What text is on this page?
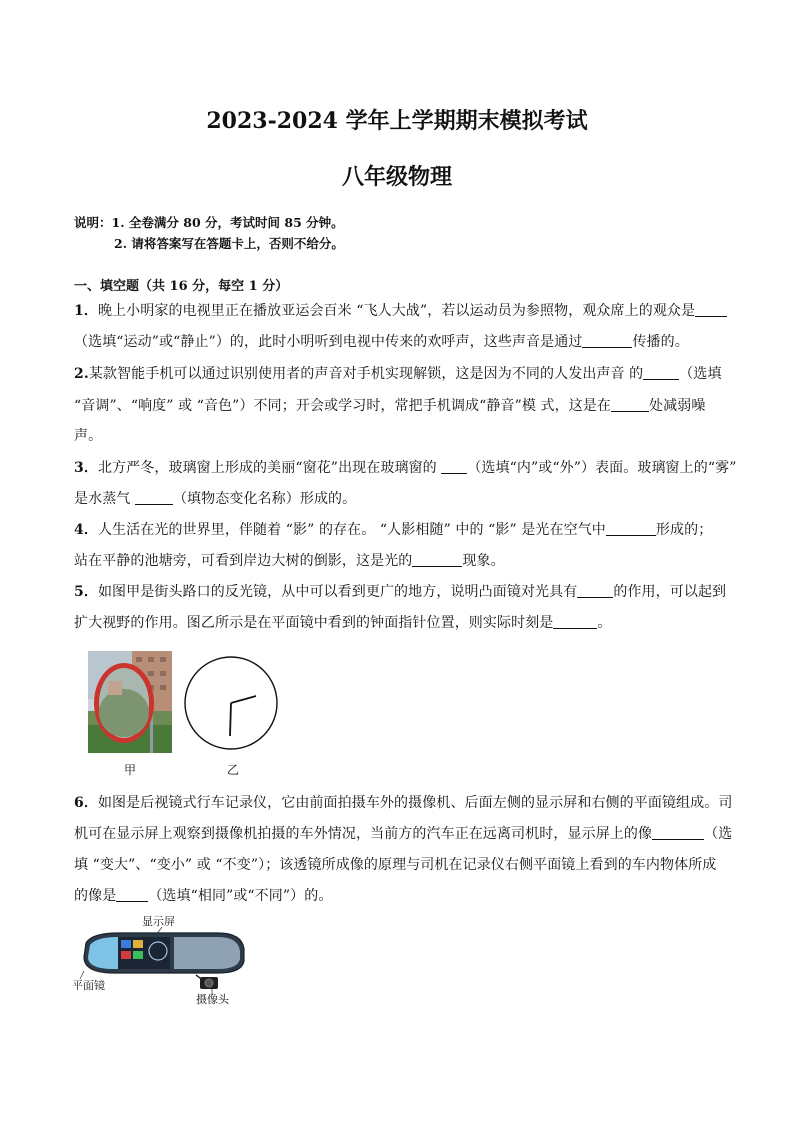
2023-2024 学年上学期期末模拟考试
八年级物理
说明：1. 全卷满分 80 分，考试时间 85 分钟。
2. 请将答案写在答题卡上，否则不给分。
一、填空题（共 16 分，每空 1 分）
1．晚上小明家的电视里正在播放亚运会百米 “飞人大战”，若以运动员为参照物，观众席上的观众是
（选填“运动”或“静止”）的，此时小明听到电视中传来的欢呼声，这些声音是通过	传播的。
2.某款智能手机可以通过识别使用者的声音对手机实现解锁，这是因为不同的人发出声音 的	（选填
“音调”、“响度” 或 “音色”）不同；开会或学习时，常把手机调成“静音”模 式，这是在	处减弱噪
声。
3．北方严冬，玻璃窗上形成的美丽“窗花”出现在玻璃窗的 （选填“内”或“外”）表面。玻璃窗上的“雾”
是水蒸气	（填物态变化名称）形成的。
4．人生活在光的世界里，伴随着 “影” 的存在。 “人影相随” 中的 “影” 是光在空气中	形成的；
站在平静的池塘旁，可看到岸边大树的倒影，这是光的	现象。
5．如图甲是街头路口的反光镜，从中可以看到更广的地方，说明凸面镜对光具有	的作用，可以起到
扩大视野的作用。图乙所示是在平面镜中看到的钟面指针位置，则实际时刻是	。
甲	乙
6．如图是后视镜式行车记录仪，它由前面拍摄车外的摄像机、后面左侧的显示屏和右侧的平面镜组成。司
机可在显示屏上观察到摄像机拍摄的车外情况，当前方的汽车正在远离司机时，显示屏上的像	（选
填 “变大”、“变小” 或 “不变”）；该透镜所成像的原理与司机在记录仪右侧平面镜上看到的车内物体所成
的像是 （选填“相同”或“不同”）的。
显示屏
平面镜
摄像头
